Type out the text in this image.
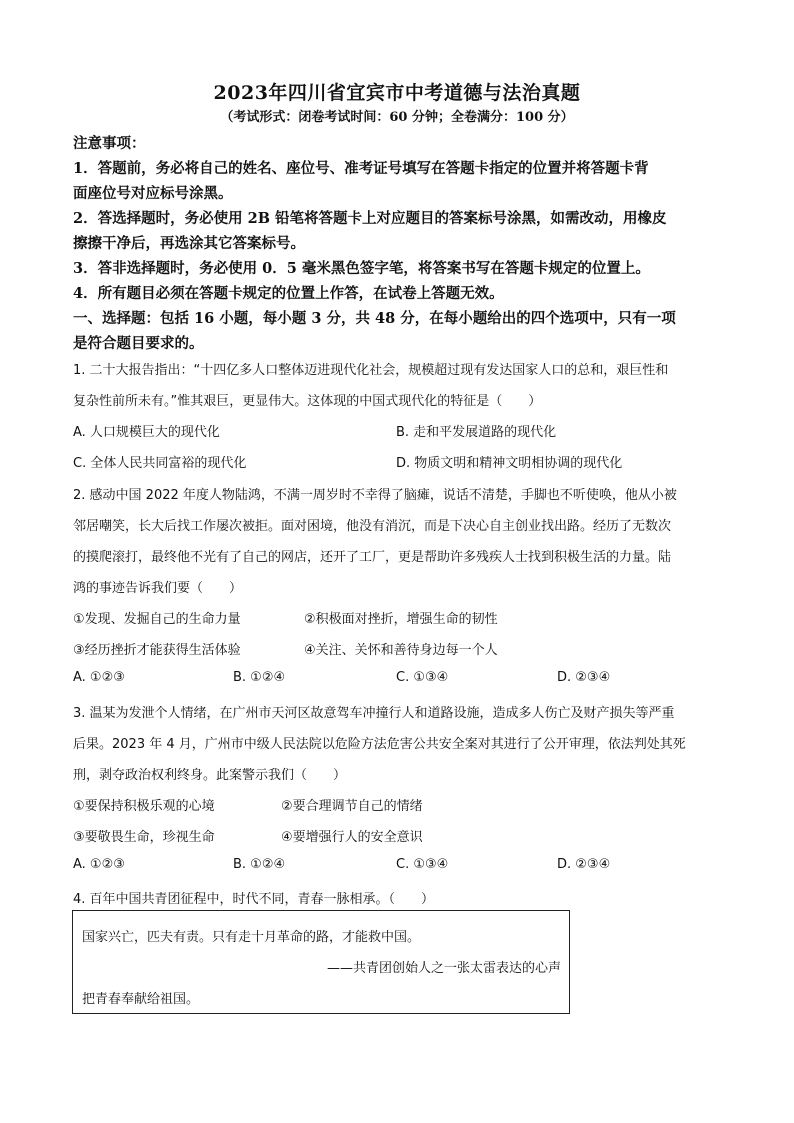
2023年四川省宜宾市中考道德与法治真题
（考试形式：闭卷考试时间：60 分钟；全卷满分：100 分）
注意事项：
1．答题前，务必将自己的姓名、座位号、准考证号填写在答题卡指定的位置并将答题卡背
面座位号对应标号涂黑。
2．答选择题时，务必使用 2B 铅笔将答题卡上对应题目的答案标号涂黑，如需改动，用橡皮
擦擦干净后，再选涂其它答案标号。
3．答非选择题时，务必使用 0．5 毫米黑色签字笔，将答案书写在答题卡规定的位置上。
4．所有题目必须在答题卡规定的位置上作答，在试卷上答题无效。
一、选择题：包括 16 小题，每小题 3 分，共 48 分，在每小题给出的四个选项中，只有一项
是符合题目要求的。
1. 二十大报告指出：“十四亿多人口整体迈进现代化社会，规模超过现有发达国家人口的总和，艰巨性和
复杂性前所未有。”惟其艰巨，更显伟大。这体现的中国式现代化的特征是（　　）
A. 人口规模巨大的现代化	B. 走和平发展道路的现代化
C. 全体人民共同富裕的现代化	D. 物质文明和精神文明相协调的现代化
2. 感动中国 2022 年度人物陆鸿，不满一周岁时不幸得了脑瘫，说话不清楚，手脚也不听使唤，他从小被
邻居嘲笑，长大后找工作屡次被拒。面对困境，他没有消沉，而是下决心自主创业找出路。经历了无数次
的摸爬滚打，最终他不光有了自己的网店，还开了工厂，更是帮助许多残疾人士找到积极生活的力量。陆
鸿的事迹告诉我们要（　　）
①发现、发掘自己的生命力量	②积极面对挫折，增强生命的韧性
③经历挫折才能获得生活体验	④关注、关怀和善待身边每一个人
A. ①②③	B. ①②④	C. ①③④	D. ②③④
3. 温某为发泄个人情绪，在广州市天河区故意驾车冲撞行人和道路设施，造成多人伤亡及财产损失等严重
后果。2023 年 4 月，广州市中级人民法院以危险方法危害公共安全案对其进行了公开审理，依法判处其死
刑，剥夺政治权利终身。此案警示我们（　　）
①要保持积极乐观的心境	②要合理调节自己的情绪
③要敬畏生命，珍视生命	④要增强行人的安全意识
A. ①②③	B. ①②④	C. ①③④	D. ②③④
4. 百年中国共青团征程中，时代不同，青春一脉相承。（　　）
国家兴亡，匹夫有责。只有走十月革命的路，才能救中国。
——共青团创始人之一张太雷表达的心声
把青春奉献给祖国。
